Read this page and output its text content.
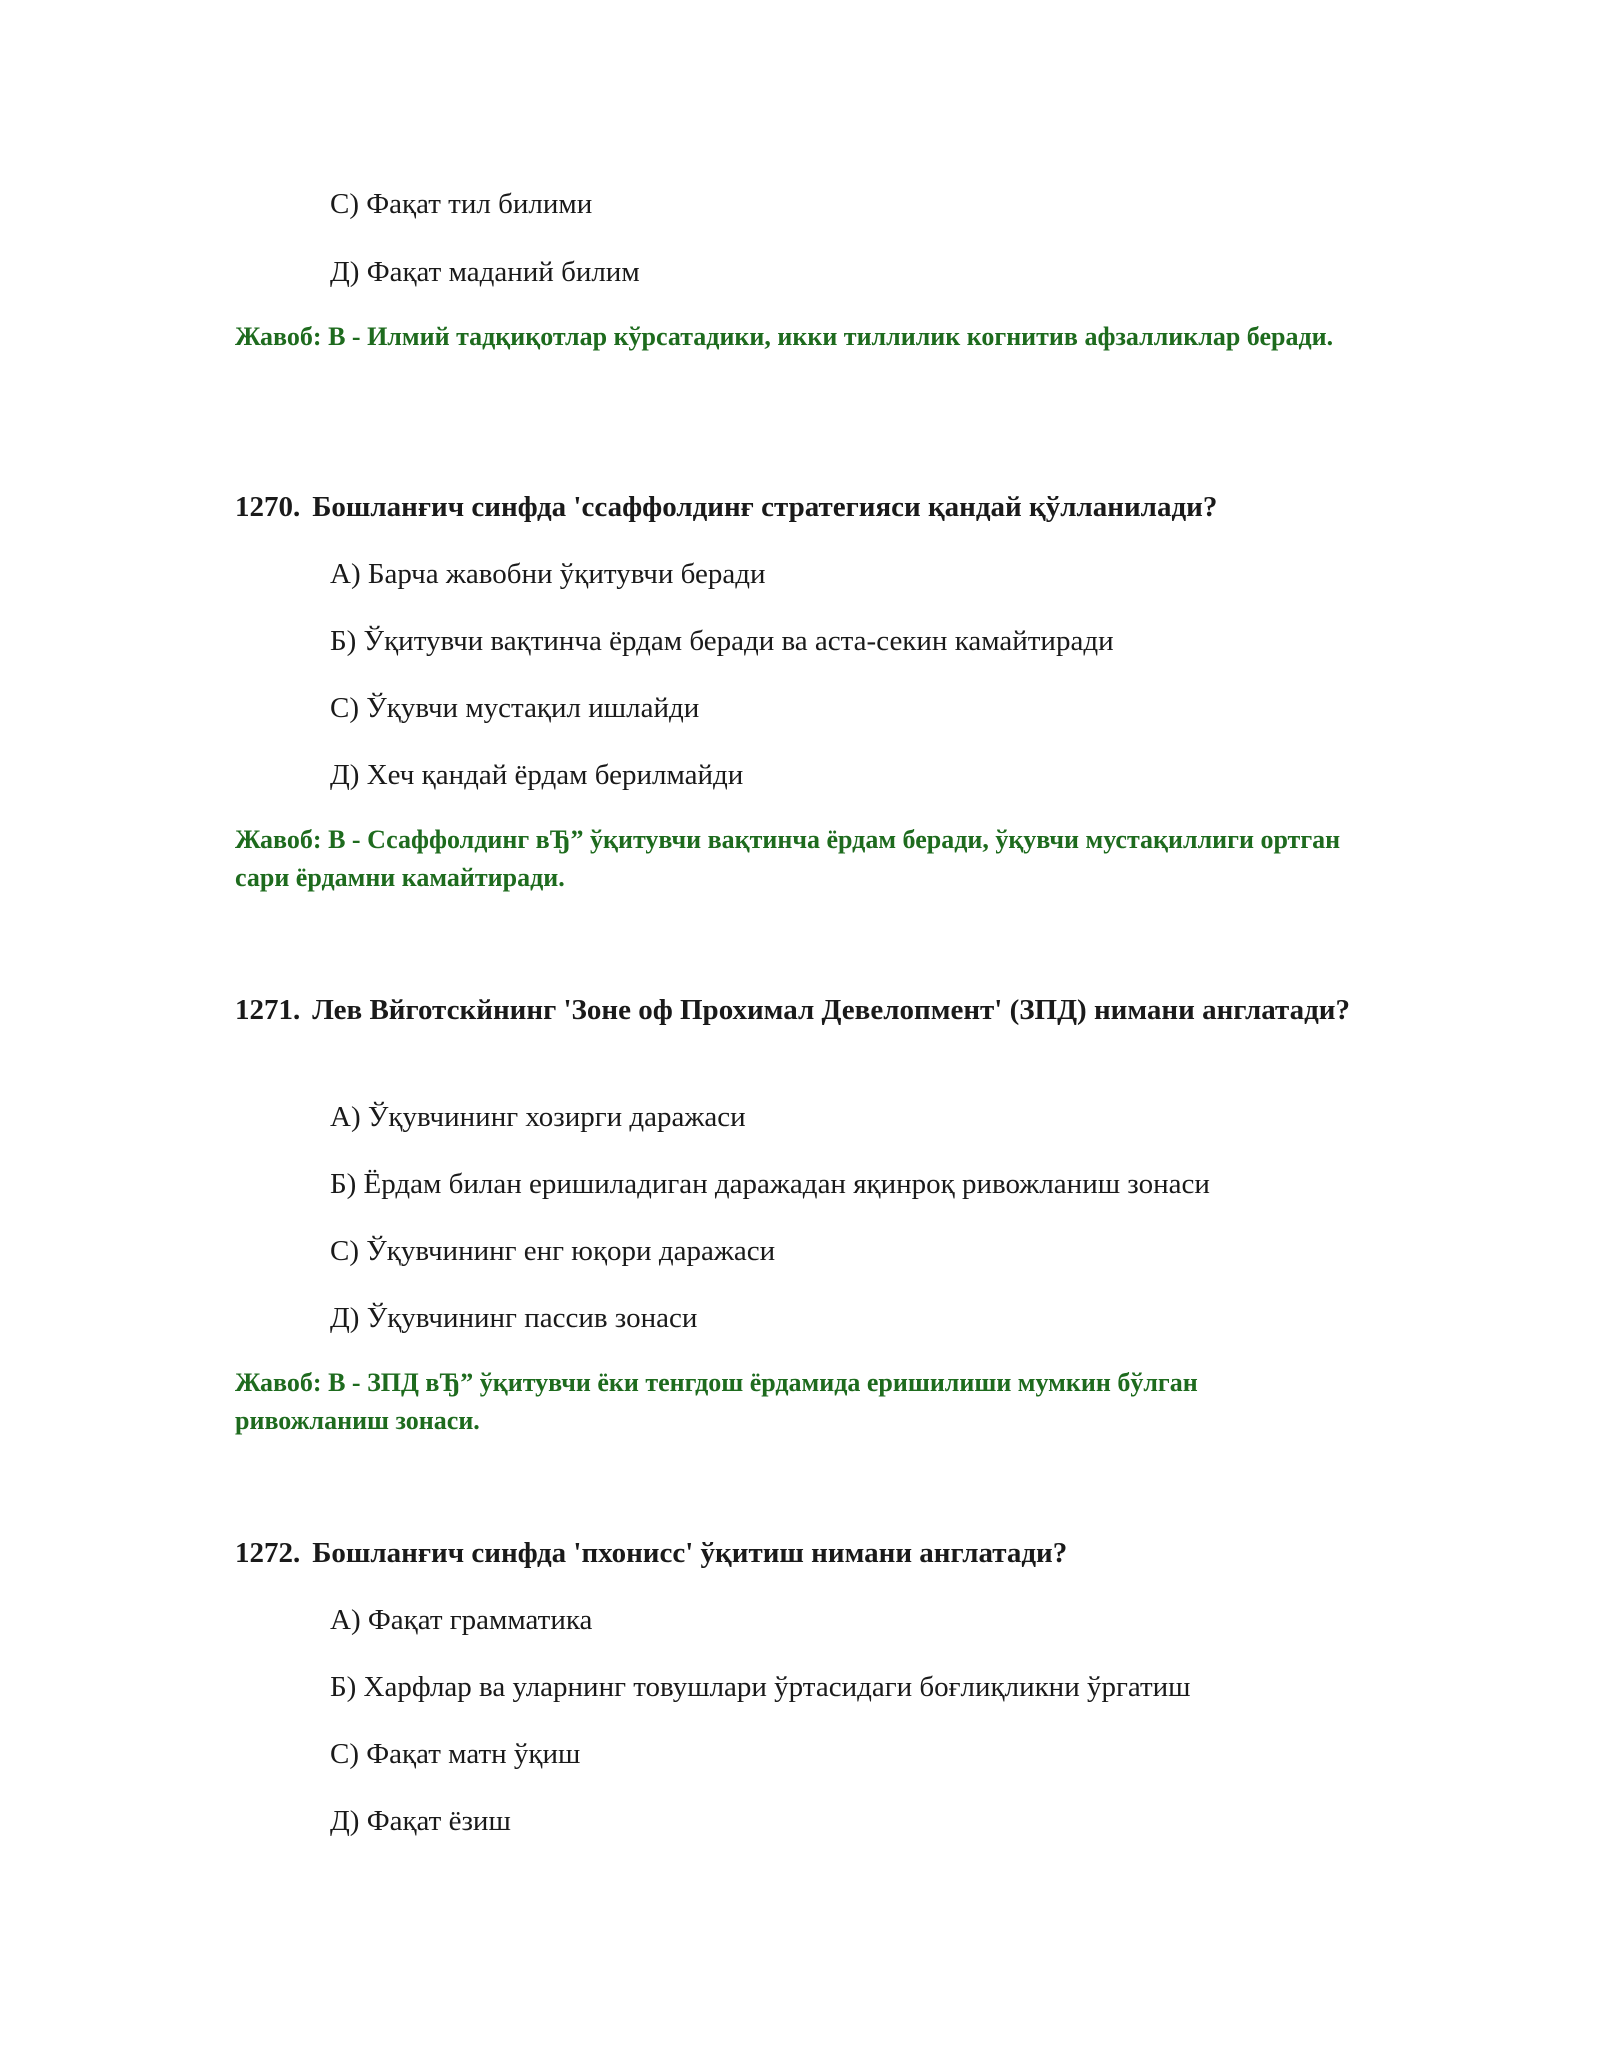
С) Фақат тил билими
Д) Фақат маданий билим
Жавоб: В - Илмий тадқиқотлар кўрсатадики, икки тиллилик когнитив афзалликлар беради.
1270. Бошланғич синфда 'ссаффолдинғ стратегияси қандай қўлланилади?
А) Барча жавобни ўқитувчи беради
Б) Ўқитувчи вақтинча ёрдам беради ва аста-секин камайтиради
С) Ўқувчи мустақил ишлайди
Д) Хеч қандай ёрдам берилмайди
Жавоб: В - Ссаффолдинг вЂ” ўқитувчи вақтинча ёрдам беради, ўқувчи мустақиллиги ортган сари ёрдамни камайтиради.
1271. Лев Вйготскйнинг 'Зоне оф Прохимал Девелопмент' (ЗПД) нимани англатади?
А) Ўқувчининг хозирги даражаси
Б) Ёрдам билан еришиладиган даражадан яқинроқ ривожланиш зонаси
С) Ўқувчининг енг юқори даражаси
Д) Ўқувчининг пассив зонаси
Жавоб: В - ЗПД вЂ” ўқитувчи ёки тенгдош ёрдамида еришилиши мумкин бўлган ривожланиш зонаси.
1272. Бошланғич синфда 'пхонисс' ўқитиш нимани англатади?
А) Фақат грамматика
Б) Харфлар ва уларнинг товушлари ўртасидаги боғлиқликни ўргатиш
С) Фақат матн ўқиш
Д) Фақат ёзиш
